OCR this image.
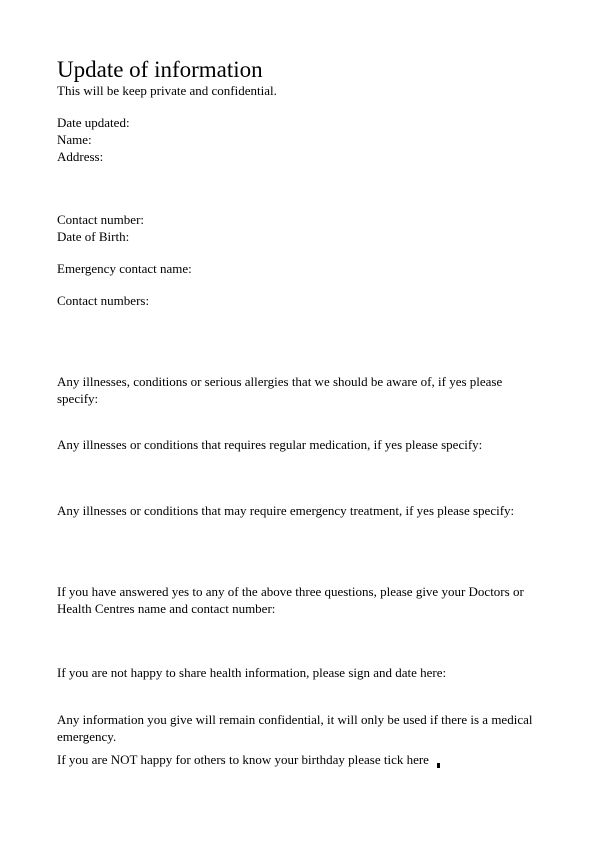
Update of information
This will be keep private and confidential.
Date updated:
Name:
Address:
Contact number:
Date of Birth:
Emergency contact name:
Contact numbers:
Any illnesses, conditions or serious allergies that we should be aware of, if yes please specify:
Any illnesses or conditions that requires regular medication, if yes please specify:
Any illnesses or conditions that may require emergency treatment, if yes please specify:
If you have answered yes to any of the above three questions, please give your Doctors or Health Centres name and contact number:
If you are not happy to share health information, please sign and date here:
Any information you give will remain confidential, it will only be used if there is a medical emergency.
If you are NOT happy for others to know your birthday please tick here
